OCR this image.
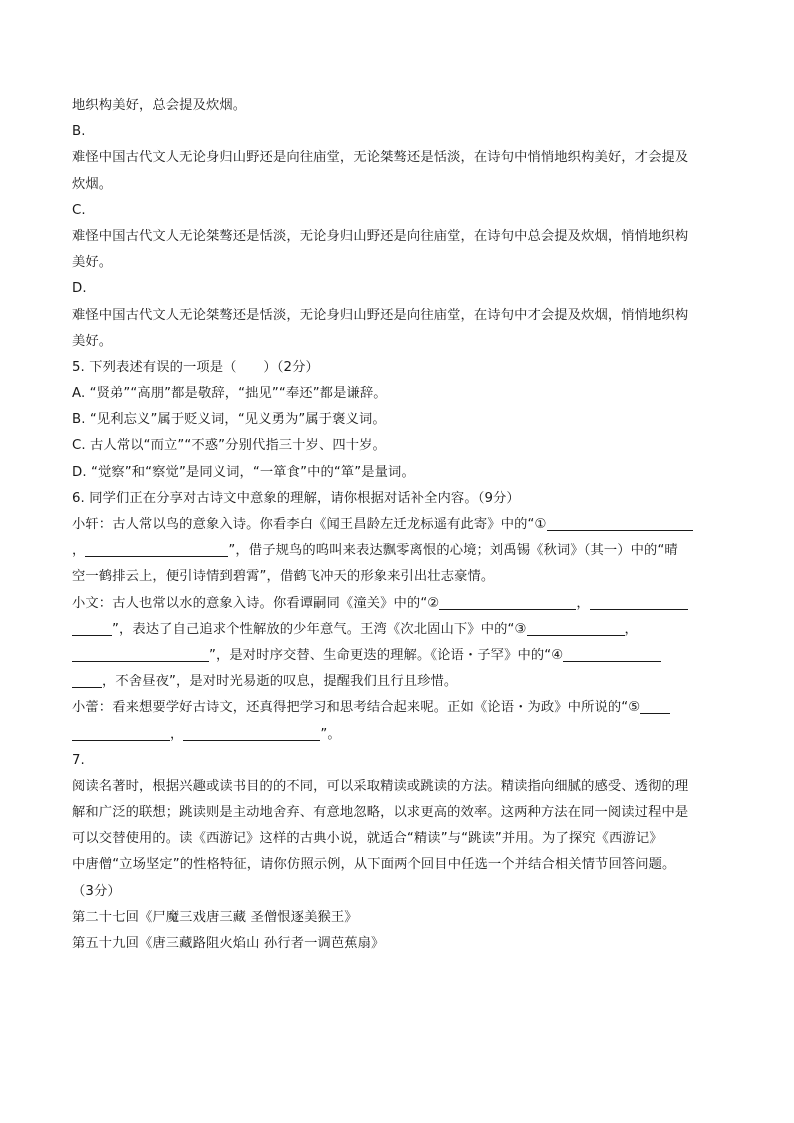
地织构美好，总会提及炊烟。
B.
难怪中国古代文人无论身归山野还是向往庙堂，无论桀骜还是恬淡，在诗句中悄悄地织构美好，才会提及
炊烟。
C.
难怪中国古代文人无论桀骜还是恬淡，无论身归山野还是向往庙堂，在诗句中总会提及炊烟，悄悄地织构
美好。
D.
难怪中国古代文人无论桀骜还是恬淡，无论身归山野还是向往庙堂，在诗句中才会提及炊烟，悄悄地织构
美好。
5. 下列表述有误的一项是（　　）（2分）
A. “贤弟”“高朋”都是敬辞，“拙见”“奉还”都是谦辞。
B. “见利忘义”属于贬义词，“见义勇为”属于褒义词。
C. 古人常以“而立”“不惑”分别代指三十岁、四十岁。
D. “觉察”和“察觉”是同义词，“一箪食”中的“箪”是量词。
6. 同学们正在分享对古诗文中意象的理解，请你根据对话补全内容。（9分）
小轩：古人常以鸟的意象入诗。你看李白《闻王昌龄左迁龙标遥有此寄》中的“①
，	”，借子规鸟的呜叫来表达飘零离恨的心境；刘禹锡《秋词》（其一）中的“晴
空一鹤排云上，便引诗情到碧霄”，借鹤飞冲天的形象来引出壮志豪情。
小文：古人也常以水的意象入诗。你看谭嗣同《潼关》中的“②	，
”，表达了自己追求个性解放的少年意气。王湾《次北固山下》中的“③	，
”，是对时序交替、生命更迭的理解。《论语・子罕》中的“④
，不舍昼夜”，是对时光易逝的叹息，提醒我们且行且珍惜。
小蕾：看来想要学好古诗文，还真得把学习和思考结合起来呢。正如《论语・为政》中所说的“⑤
，	”。
7.
阅读名著时，根据兴趣或读书目的的不同，可以采取精读或跳读的方法。精读指向细腻的感受、透彻的理
解和广泛的联想；跳读则是主动地舍弃、有意地忽略，以求更高的效率。这两种方法在同一阅读过程中是
可以交替使用的。读《西游记》这样的古典小说，就适合“精读”与“跳读”并用。为了探究《西游记》
中唐僧“立场坚定”的性格特征，请你仿照示例，从下面两个回目中任选一个并结合相关情节回答问题。
（3分）
第二十七回《尸魔三戏唐三藏 圣僧恨逐美猴王》
第五十九回《唐三藏路阻火焰山 孙行者一调芭蕉扇》
